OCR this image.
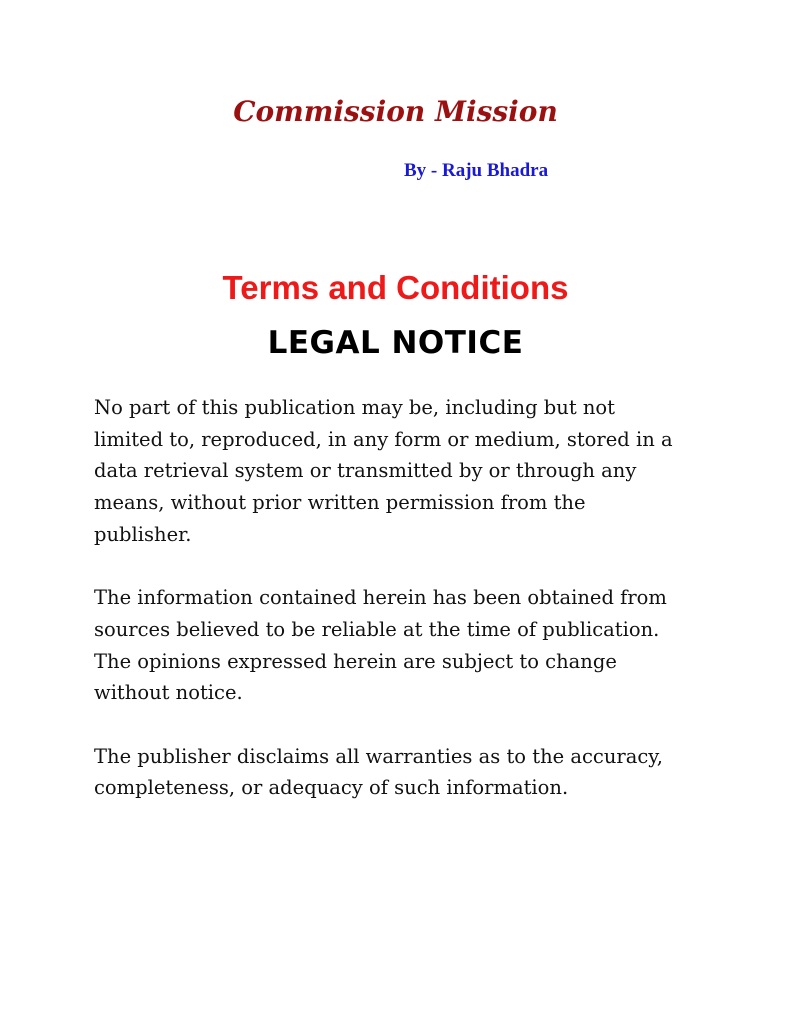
Commission Mission
By - Raju Bhadra
Terms and Conditions
LEGAL NOTICE

No part of this publication may be, including but not
limited to, reproduced, in any form or medium, stored in a
data retrieval system or transmitted by or through any
means, without prior written permission from the
publisher.

The information contained herein has been obtained from
sources believed to be reliable at the time of publication.
The opinions expressed herein are subject to change
without notice.

The publisher disclaims all warranties as to the accuracy,
completeness, or adequacy of such information.
